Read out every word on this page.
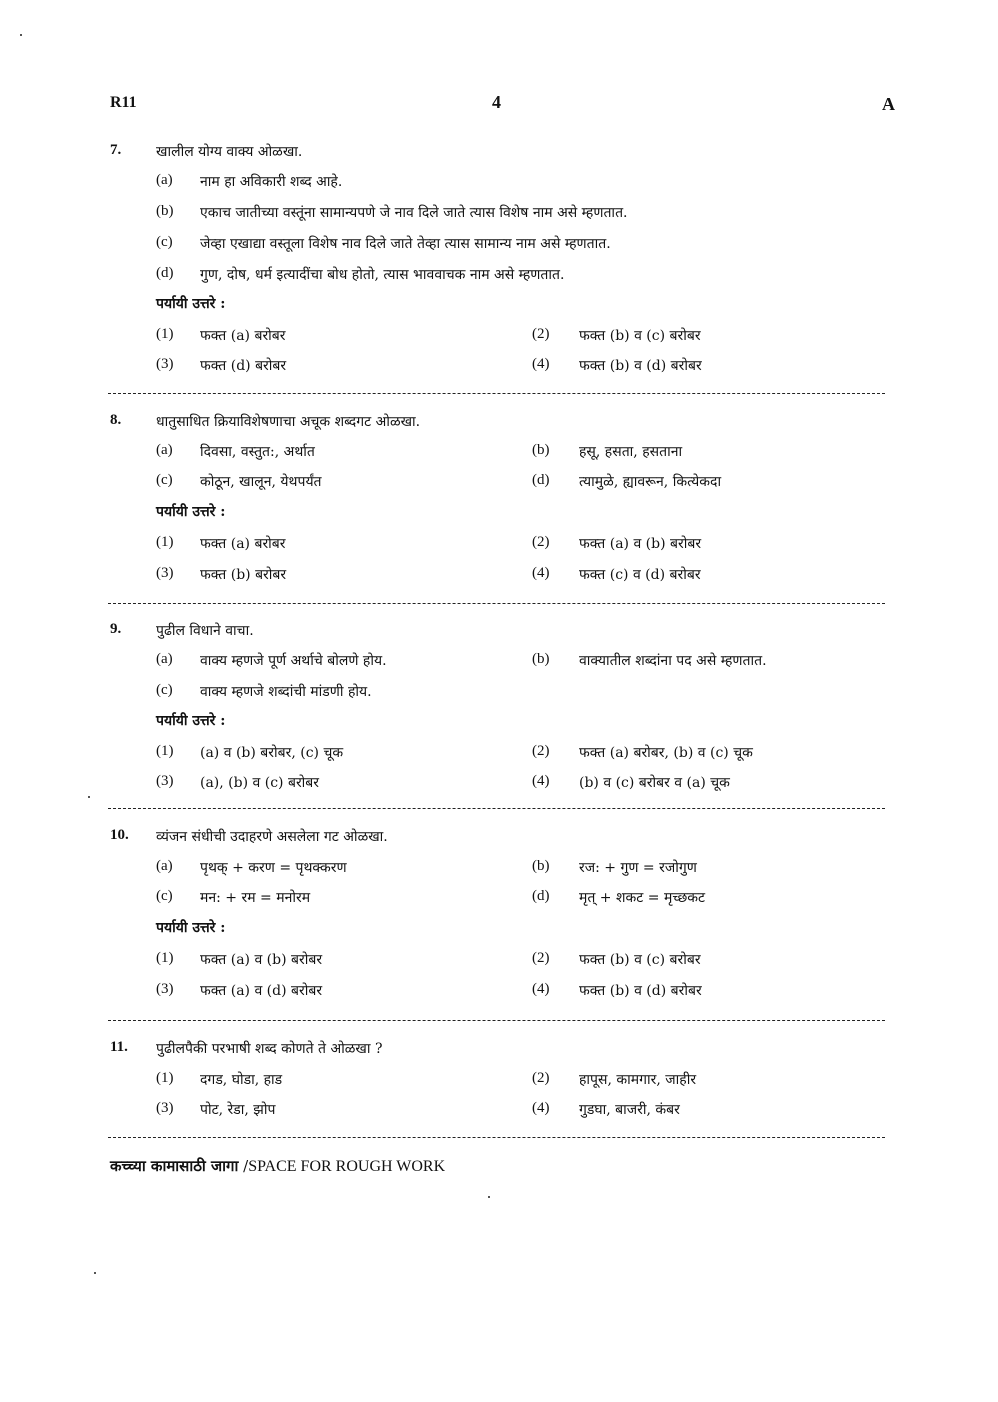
R11	4	A
7. खालील योग्य वाक्य ओळखा.
(a) नाम हा अविकारी शब्द आहे.
(b) एकाच जातीच्या वस्तूंना सामान्यपणे जे नाव दिले जाते त्यास विशेष नाम असे म्हणतात.
(c) जेव्हा एखाद्या वस्तूला विशेष नाव दिले जाते तेव्हा त्यास सामान्य नाम असे म्हणतात.
(d) गुण, दोष, धर्म इत्यादींचा बोध होतो, त्यास भाववाचक नाम असे म्हणतात.
पर्यायी उत्तरे :
(1) फक्त (a) बरोबर	(2) फक्त (b) व (c) बरोबर
(3) फक्त (d) बरोबर	(4) फक्त (b) व (d) बरोबर
8. धातुसाधित क्रियाविशेषणाचा अचूक शब्दगट ओळखा.
(a) दिवसा, वस्तुत:, अर्थात	(b) हसू, हसता, हसताना
(c) कोठून, खालून, येथपर्यंत	(d) त्यामुळे, ह्यावरून, कित्येकदा
पर्यायी उत्तरे :
(1) फक्त (a) बरोबर	(2) फक्त (a) व (b) बरोबर
(3) फक्त (b) बरोबर	(4) फक्त (c) व (d) बरोबर
9. पुढील विधाने वाचा.
(a) वाक्य म्हणजे पूर्ण अर्थाचे बोलणे होय.	(b) वाक्यातील शब्दांना पद असे म्हणतात.
(c) वाक्य म्हणजे शब्दांची मांडणी होय.
पर्यायी उत्तरे :
(1) (a) व (b) बरोबर, (c) चूक	(2) फक्त (a) बरोबर, (b) व (c) चूक
(3) (a), (b) व (c) बरोबर	(4) (b) व (c) बरोबर व (a) चूक
10. व्यंजन संधीची उदाहरणे असलेला गट ओळखा.
(a) पृथक् + करण = पृथक्करण	(b) रज: + गुण = रजोगुण
(c) मन: + रम = मनोरम	(d) मृत् + शकट = मृच्छकट
पर्यायी उत्तरे :
(1) फक्त (a) व (b) बरोबर	(2) फक्त (b) व (c) बरोबर
(3) फक्त (a) व (d) बरोबर	(4) फक्त (b) व (d) बरोबर
11. पुढीलपैकी परभाषी शब्द कोणते ते ओळखा ?
(1) दगड, घोडा, हाड	(2) हापूस, कामगार, जाहीर
(3) पोट, रेडा, झोप	(4) गुडघा, बाजरी, कंबर
कच्च्या कामासाठी जागा /SPACE FOR ROUGH WORK
